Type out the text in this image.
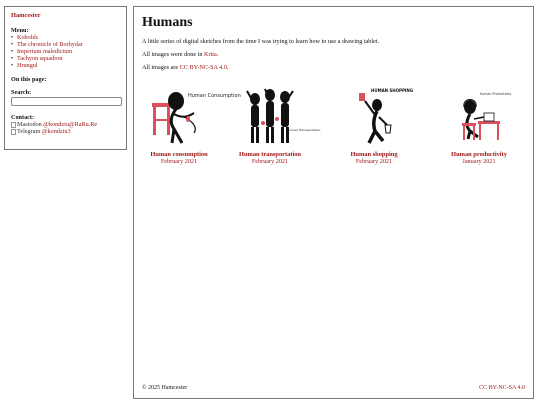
Hamcester

Menu:

• Kobolds
• The chronicle of Borhydar
• Imperium maledictum
• Tachyon squadron
• Hrungul

On this page:

Search:

Contact:

Mastodon
@kondziu@RaRu.Re
Telegram
@kondziu3
Humans

A little series of digital sketches from the time I was trying to learn how to use a drawing tablet.

All images were done in Krita.

All images are CC BY-NC-SA 4.0.

Human Consumption
Human consumption
February 2021
Human Transportation
Human transportation
February 2021
HUMAN SHOPPING
Human shopping
February 2021
Human Productivity
Human productivity
January 2021
© 2025 Hamcester	CC BY-NC-SA 4.0
